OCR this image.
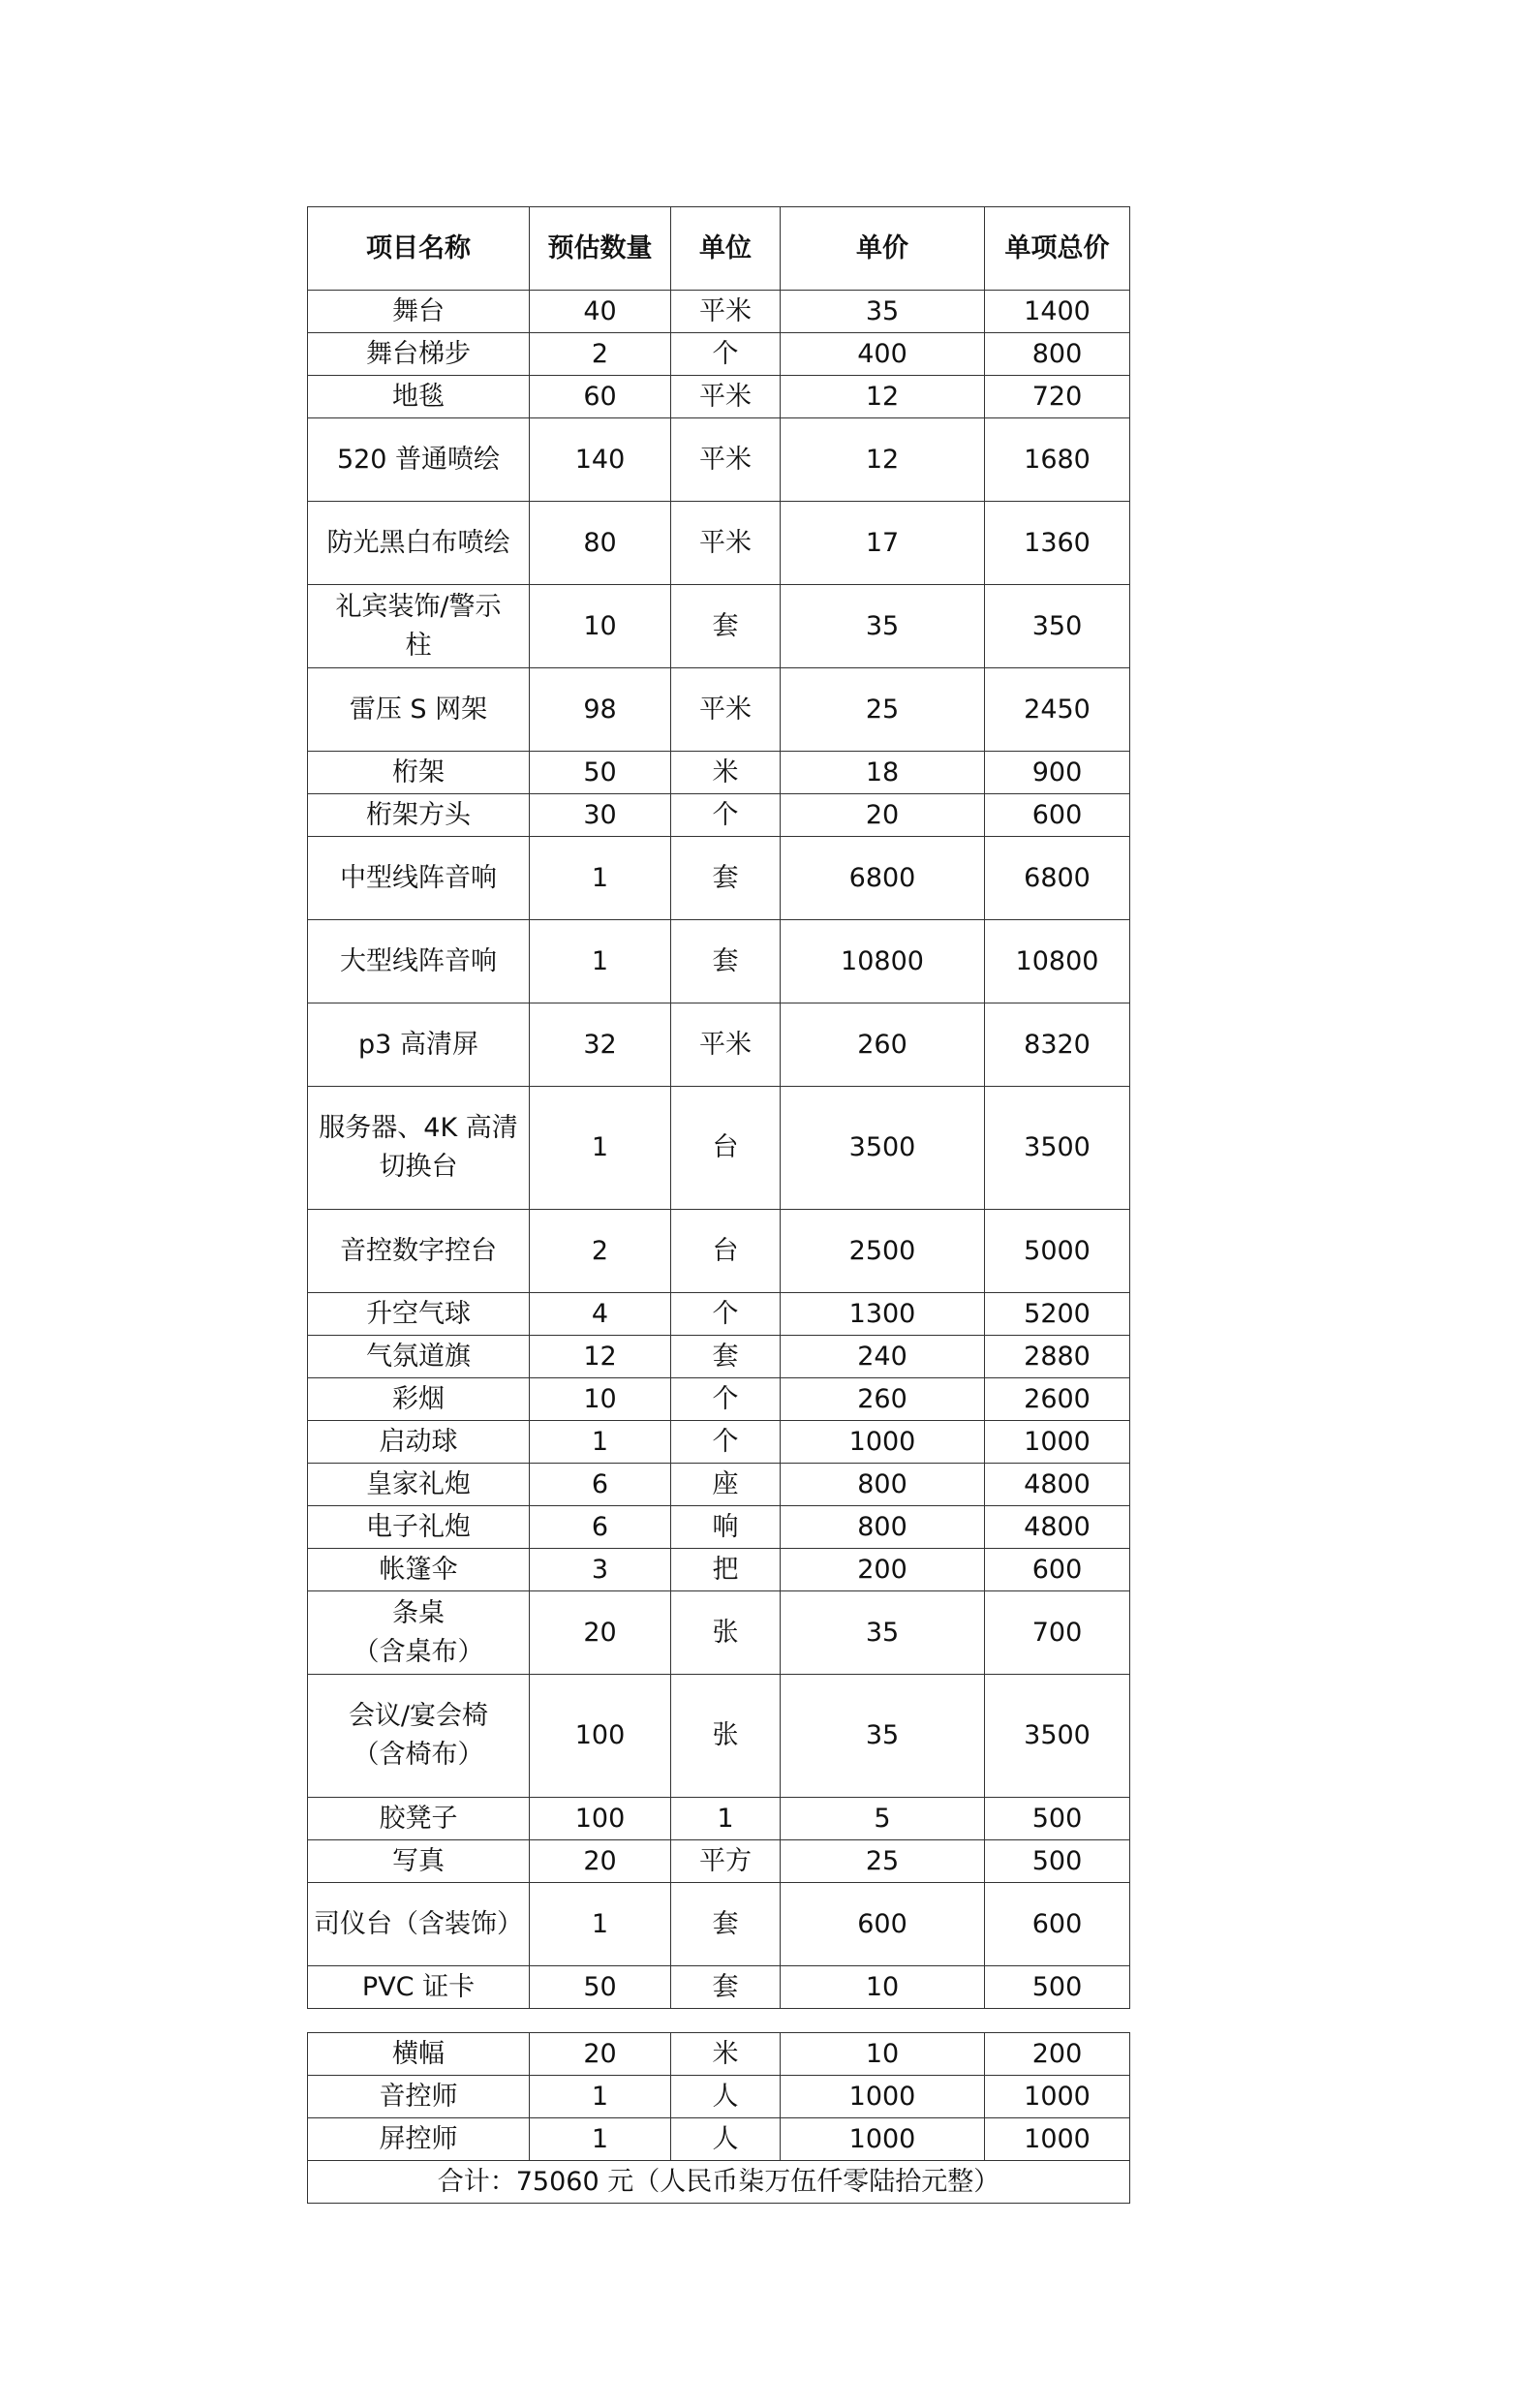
项目名称	预估数量	单位	单价	单项总价
舞台	40	平米	35	1400
舞台梯步	2	个	400	800
地毯	60	平米	12	720
520 普通喷绘	140	平米	12	1680
防光黑白布喷绘	80	平米	17	1360

礼宾装饰/警示
柱	10	套	35	350
雷压 S 网架	98	平米	25	2450
桁架	50	米	18	900
桁架方头	30	个	20	600
中型线阵音响	1	套	6800	6800
大型线阵音响	1	套	10800	10800
p3 高清屏	32	平米	260	8320

服务器、4K 高清
切换台	1	台	3500	3500
音控数字控台	2	台	2500	5000
升空气球	4	个	1300	5200
气氛道旗	12	套	240	2880
彩烟	10	个	260	2600
启动球	1	个	1000	1000
皇家礼炮	6	座	800	4800
电子礼炮	6	响	800	4800
帐篷伞	3	把	200	600

条桌
（含桌布）	20	张	35	700

会议/宴会椅
（含椅布）	100	张	35	3500
胶凳子	100	1	5	500
写真	20	平方	25	500
司仪台（含装饰）	1	套	600	600
PVC 证卡	50	套	10	500
横幅	20	米	10	200
音控师	1	人	1000	1000
屏控师	1	人	1000	1000
合计：75060 元（人民币柒万伍仟零陆拾元整）				
